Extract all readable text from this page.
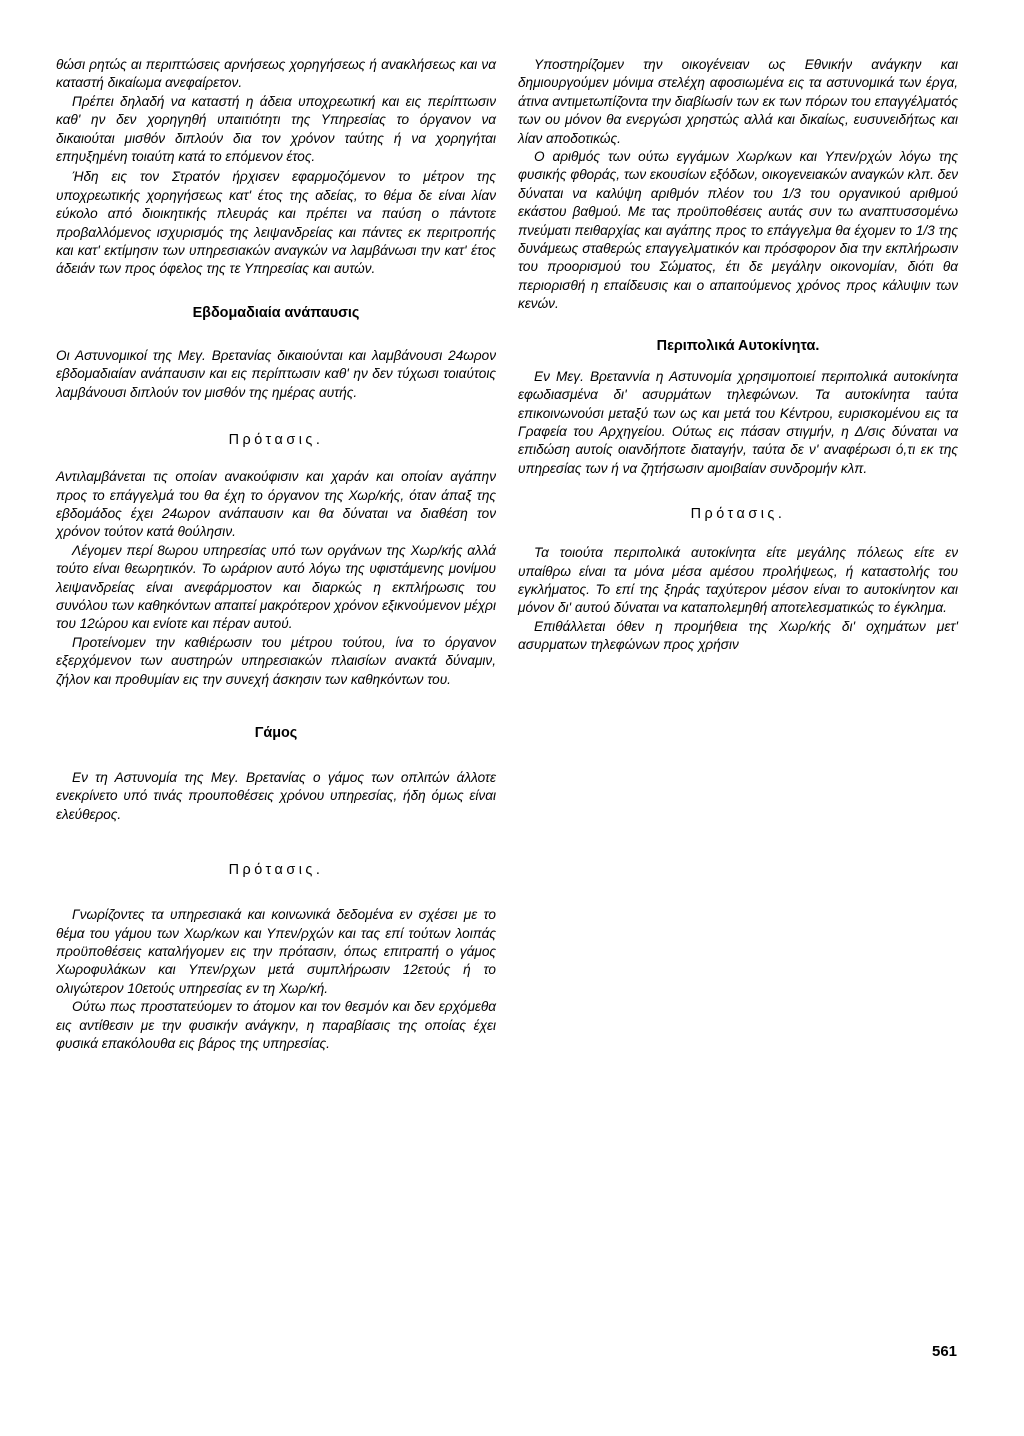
θώσι ρητώς αι περιπτώσεις αρνήσεως χορηγήσεως ή ανακλήσεως και να καταστή δικαίωμα ανεφαίρετον.

Πρέπει δηλαδή να καταστή η άδεια υποχρεωτική και εις περίπτωσιν καθ' ην δεν χορηγηθή υπαιτιότητι της Υπηρεσίας το όργανον να δικαιούται μισθόν διπλούν δια τον χρόνον ταύτης ή να χορηγήται επηυξημένη τοιαύτη κατά το επόμενον έτος.

Ήδη εις τον Στρατόν ήρχισεν εφαρμοζόμενον το μέτρον της υποχρεωτικής χορηγήσεως κατ' έτος της αδείας, το θέμα δε είναι λίαν εύκολο από διοικητικής πλευράς και πρέπει να παύση ο πάντοτε προβαλλόμενος ισχυρισμός της λειψανδρείας και πάντες εκ περιτροπής και κατ' εκτίμησιν των υπηρεσιακών αναγκών να λαμβάνωσι την κατ' έτος άδειάν των προς όφελος της τε Υπηρεσίας και αυτών.

Εβδομαδιαία ανάπαυσις

Οι Αστυνομικοί της Μεγ. Βρετανίας δικαιούνται και λαμβάνουσι 24ωρον εβδομαδιαίαν ανάπαυσιν και εις περίπτωσιν καθ' ην δεν τύχωσι τοιαύτοις λαμβάνουσι διπλούν τον μισθόν της ημέρας αυτής.

Πρότασις.

Αντιλαμβάνεται τις οποίαν ανακούφισιν και χαράν και οποίαν αγάπην προς το επάγγελμά του θα έχη το όργανον της Χωρ/κής, όταν άπαξ της εβδομάδος έχει 24ωρον ανάπαυσιν και θα δύναται να διαθέση τον χρόνον τούτον κατά θούλησιν.

Λέγομεν περί 8ωρου υπηρεσίας υπό των οργάνων της Χωρ/κής αλλά τούτο είναι θεωρητικόν. Το ωράριον αυτό λόγω της υφιστάμενης μονίμου λειψανδρείας είναι ανεφάρμοστον και διαρκώς η εκπλήρωσις του συνόλου των καθηκόντων απαιτεί μακρότερον χρόνον εξικνούμενον μέχρι του 12ώρου και ενίοτε και πέραν αυτού.

Προτείνομεν την καθιέρωσιν του μέτρου τούτου, ίνα το όργανον εξερχόμενον των αυστηρών υπηρεσιακών πλαισίων ανακτά δύναμιν, ζήλον και προθυμίαν εις την συνεχή άσκησιν των καθηκόντων του.

Γάμος

Εν τη Αστυνομία της Μεγ. Βρετανίας ο γάμος των οπλιτών άλλοτε ενεκρίνετο υπό τινάς προυποθέσεις χρόνου υπηρεσίας, ήδη όμως είναι ελεύθερος.

Πρότασις.

Γνωρίζοντες τα υπηρεσιακά και κοινωνικά δεδομένα εν σχέσει με το θέμα του γάμου των Χωρ/κων και Υπεν/ρχών και τας επί τούτων λοιπάς προϋποθέσεις καταλήγομεν εις την πρότασιν, όπως επιτραπή ο γάμος Χωροφυλάκων και Υπεν/ρχων μετά συμπλήρωσιν 12ετούς ή το ολιγώτερον 10ετούς υπηρεσίας εν τη Χωρ/κή.

Ούτω πως προστατεύομεν το άτομον και τον θεσμόν και δεν ερχόμεθα εις αντίθεσιν με την φυσικήν ανάγκην, η παραβίασις της οποίας έχει φυσικά επακόλουθα εις βάρος της υπηρεσίας.

Υποστηρίζομεν την οικογένειαν ως Εθνικήν ανάγκην και δημιουργούμεν μόνιμα στελέχη αφοσιωμένα εις τα αστυνομικά των έργα, άτινα αντιμετωπίζοντα την διαβίωσίν των εκ των πόρων του επαγγέλματός των ου μόνον θα ενεργώσι χρηστώς αλλά και δικαίως, ευσυνειδήτως και λίαν αποδοτικώς.

Ο αριθμός των ούτω εγγάμων Χωρ/κων και Υπεν/ρχών λόγω της φυσικής φθοράς, των εκουσίων εξόδων, οικογενειακών αναγκών κλπ. δεν δύναται να καλύψη αριθμόν πλέον του 1/3 του οργανικού αριθμού εκάστου βαθμού. Με τας προϋποθέσεις αυτάς συν τω αναπτυσσομένω πνεύματι πειθαρχίας και αγάπης προς το επάγγελμα θα έχομεν το 1/3 της δυνάμεως σταθερώς επαγγελματικόν και πρόσφορον δια την εκπλήρωσιν του προορισμού του Σώματος, έτι δε μεγάλην οικονομίαν, διότι θα περιορισθή η επαίδευσις και ο απαιτούμενος χρόνος προς κάλυψιν των κενών.

Περιπολικά Αυτοκίνητα.

Εν Μεγ. Βρεταννία η Αστυνομία χρησιμοποιεί περιπολικά αυτοκίνητα εφωδιασμένα δι' ασυρμάτων τηλεφώνων. Τα αυτοκίνητα ταύτα επικοινωνούσι μεταξύ των ως και μετά του Κέντρου, ευρισκομένου εις τα Γραφεία του Αρχηγείου. Ούτως εις πάσαν στιγμήν, η Δ/σις δύναται να επιδώση αυτοίς οιανδήποτε διαταγήν, ταύτα δε ν' αναφέρωσι ό,τι εκ της υπηρεσίας των ή να ζητήσωσιν αμοιβαίαν συνδρομήν κλπ.

Πρότασις.

Τα τοιούτα περιπολικά αυτοκίνητα είτε μεγάλης πόλεως είτε εν υπαίθρω είναι τα μόνα μέσα αμέσου προλήψεως, ή καταστολής του εγκλήματος. Το επί της ξηράς ταχύτερον μέσον είναι το αυτοκίνητον και μόνον δι' αυτού δύναται να καταπολεμηθή αποτελεσματικώς το έγκλημα.

Επιθάλλεται όθεν η προμήθεια της Χωρ/κής δι' οχημάτων μετ' ασυρματων τηλεφώνων προς χρήσιν

561
